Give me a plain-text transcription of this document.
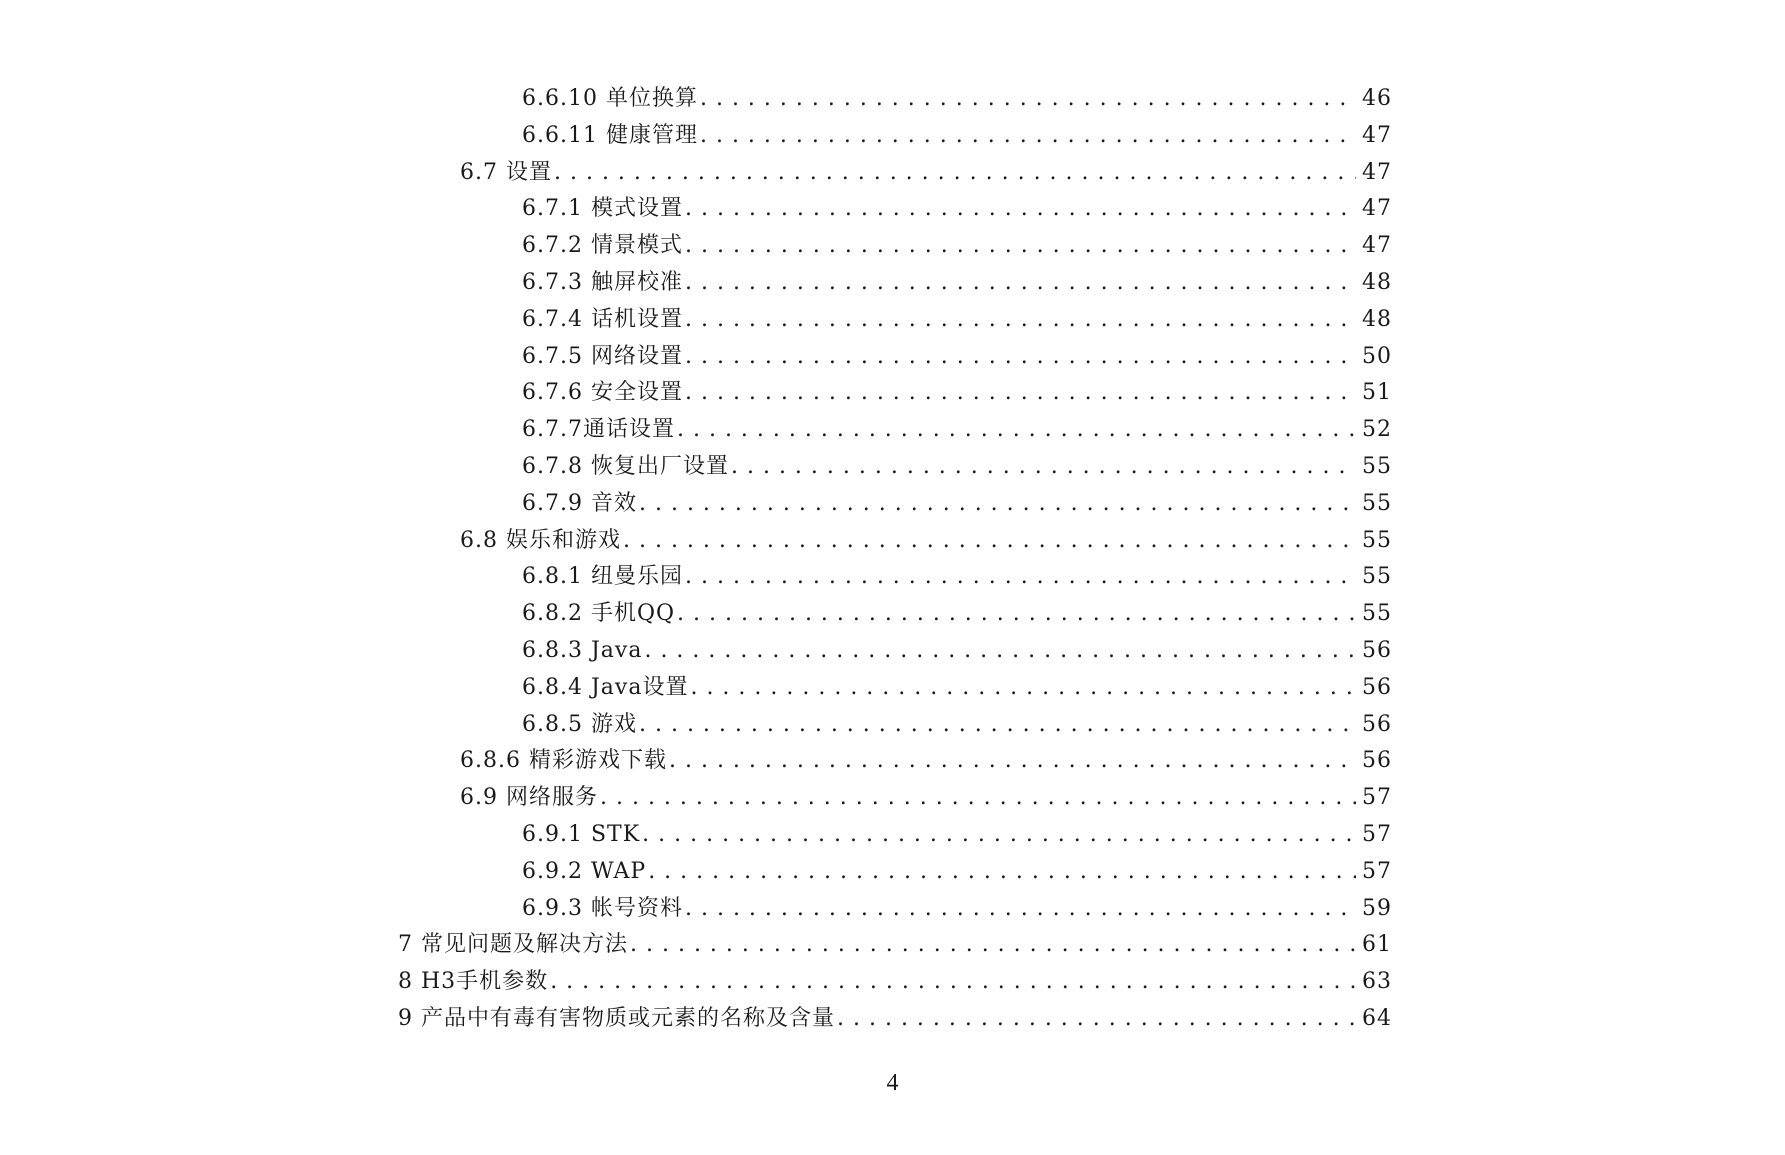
6.6.10 单位换算 . . .	46
6.6.11 健康管理 . . .	47
6.7 设置 . . .	47
6.7.1 模式设置 . . .	47
6.7.2 情景模式 . . .	47
6.7.3 触屏校准 . . .	48
6.7.4 话机设置 . . .	48
6.7.5 网络设置 . . .	50
6.7.6 安全设置 . . .	51
6.7.7通话设置 . . .	52
6.7.8 恢复出厂设置 . . .	55
6.7.9 音效 . . .	55
6.8 娱乐和游戏 . . .	55
6.8.1 纽曼乐园 . . .	55
6.8.2 手机QQ . . .	55
6.8.3 Java . . .	56
6.8.4 Java设置 . . .	56
6.8.5 游戏 . . .	56
6.8.6 精彩游戏下载 . . .	56
6.9 网络服务 . . .	57
6.9.1 STK . . .	57
6.9.2 WAP . . .	57
6.9.3 帐号资料 . . .	59
7 常见问题及解决方法 . . .	61
8 H3手机参数 . . .	63
9 产品中有毒有害物质或元素的名称及含量 . . .	64
4
